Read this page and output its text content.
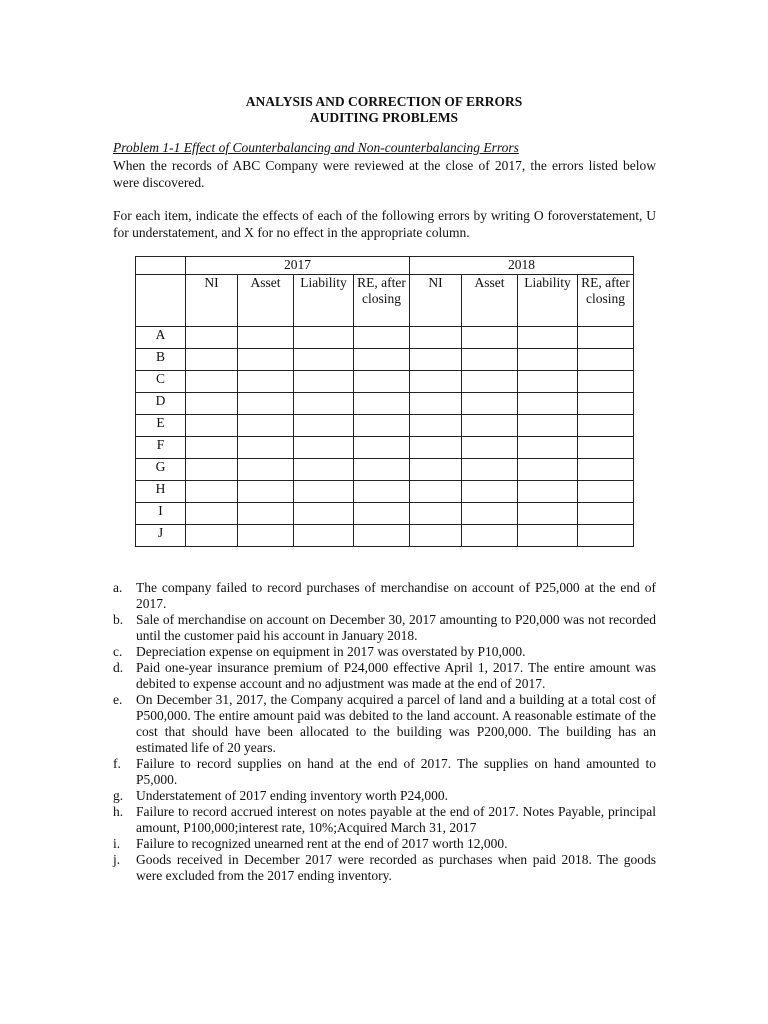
ANALYSIS AND CORRECTION OF ERRORS
AUDITING PROBLEMS
Problem 1-1 Effect of Counterbalancing and Non-counterbalancing Errors
When the records of ABC Company were reviewed at the close of 2017, the errors listed below were discovered.
For each item, indicate the effects of each of the following errors by writing O foroverstatement, U for understatement, and X for no effect in the appropriate column.
	2017				2018			
	NI	Asset	Liability	RE, after closing	NI	Asset	Liability	RE, after closing
A								
B								
C								
D								
E								
F								
G								
H								
I								
J								
a. The company failed to record purchases of merchandise on account of P25,000 at the end of 2017.
b. Sale of merchandise on account on December 30, 2017 amounting to P20,000 was not recorded until the customer paid his account in January 2018.
c. Depreciation expense on equipment in 2017 was overstated by P10,000.
d. Paid one-year insurance premium of P24,000 effective April 1, 2017. The entire amount was debited to expense account and no adjustment was made at the end of 2017.
e. On December 31, 2017, the Company acquired a parcel of land and a building at a total cost of P500,000. The entire amount paid was debited to the land account. A reasonable estimate of the cost that should have been allocated to the building was P200,000. The building has an estimated life of 20 years.
f. Failure to record supplies on hand at the end of 2017. The supplies on hand amounted to P5,000.
g. Understatement of 2017 ending inventory worth P24,000.
h. Failure to record accrued interest on notes payable at the end of 2017. Notes Payable, principal amount, P100,000;interest rate, 10%;Acquired March 31, 2017
i. Failure to recognized unearned rent at the end of 2017 worth 12,000.
j. Goods received in December 2017 were recorded as purchases when paid 2018. The goods were excluded from the 2017 ending inventory.
